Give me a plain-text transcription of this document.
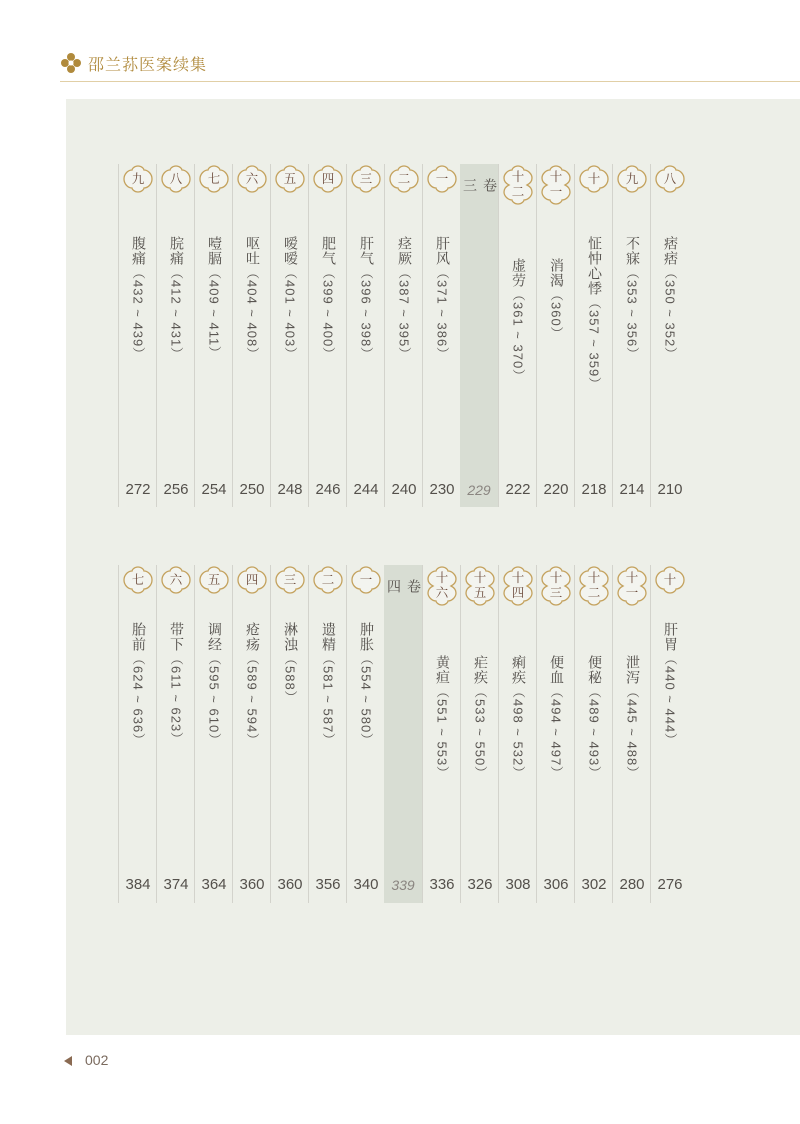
邵兰荪医案续集
八
痞痞
（350 ~ 352）
210
九
不寐
（353 ~ 356）
214
十
怔忡心悸
（357 ~ 359）
218
十一
消渴
（360）
220
十二
虚劳
（361 ~ 370）
222
卷 三
229
一
肝风
（371 ~ 386）
230
二
痉厥
（387 ~ 395）
240
三
肝气
（396 ~ 398）
244
四
肥气
（399 ~ 400）
246
五
嗳嗳
（401 ~ 403）
248
六
呕吐
（404 ~ 408）
250
七
噎膈
（409 ~ 411）
254
八
脘痛
（412 ~ 431）
256
九
腹痛
（432 ~ 439）
272
十
肝胃
（440 ~ 444）
276
十一
泄泻
（445 ~ 488）
280
十二
便秘
（489 ~ 493）
302
十三
便血
（494 ~ 497）
306
十四
痢疾
（498 ~ 532）
308
十五
疟疾
（533 ~ 550）
326
十六
黄疸
（551 ~ 553）
336
卷 四
339
一
肿胀
（554 ~ 580）
340
二
遗精
（581 ~ 587）
356
三
淋浊
（588）
360
四
疮疡
（589 ~ 594）
360
五
调经
（595 ~ 610）
364
六
带下
（611 ~ 623）
374
七
胎前
（624 ~ 636）
384
002
